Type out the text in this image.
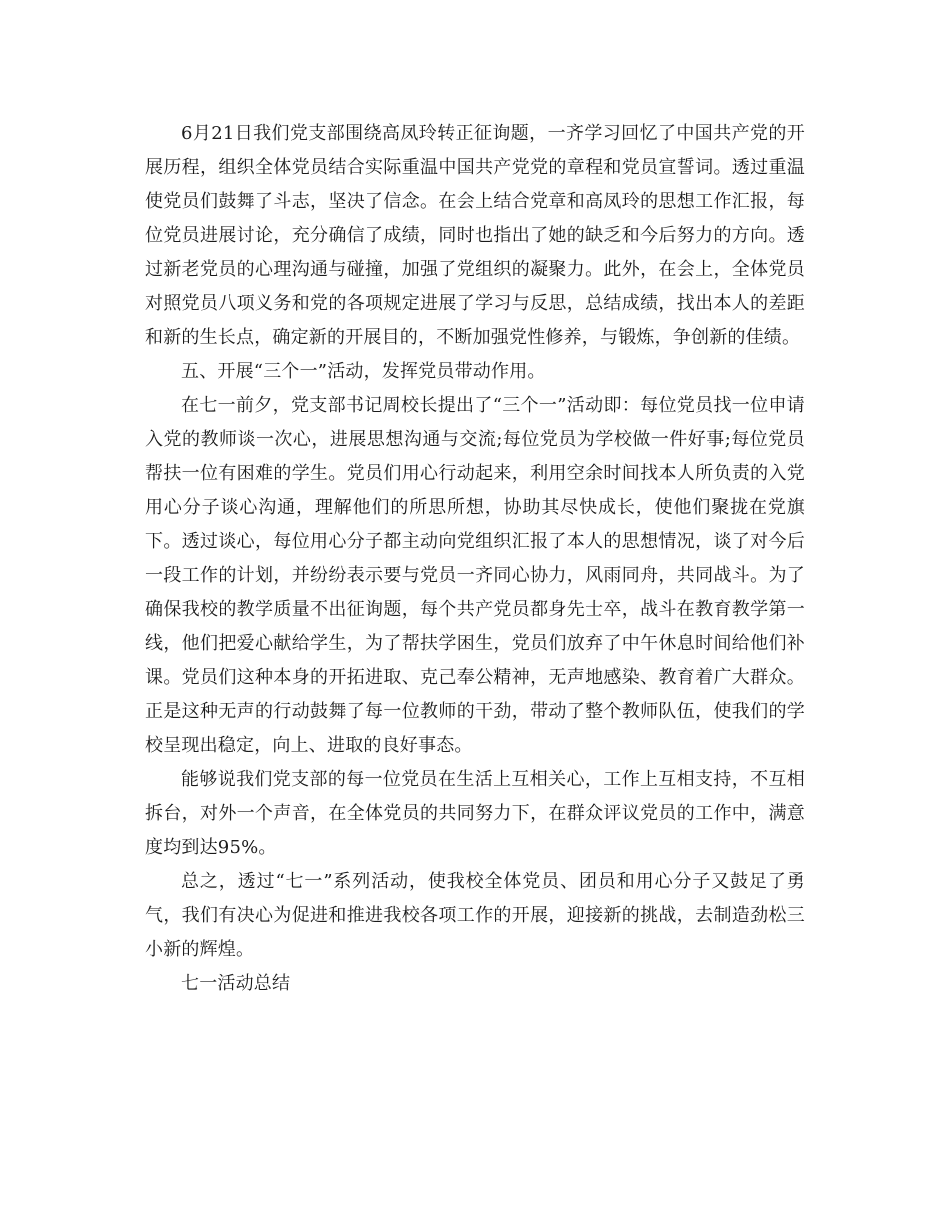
6月21日我们党支部围绕高凤玲转正征询题，一齐学习回忆了中国共产党的开展历程，组织全体党员结合实际重温中国共产党党的章程和党员宣誓词。透过重温使党员们鼓舞了斗志，坚决了信念。在会上结合党章和高凤玲的思想工作汇报，每位党员进展讨论，充分确信了成绩，同时也指出了她的缺乏和今后努力的方向。透过新老党员的心理沟通与碰撞，加强了党组织的凝聚力。此外，在会上，全体党员对照党员八项义务和党的各项规定进展了学习与反思，总结成绩，找出本人的差距和新的生长点，确定新的开展目的，不断加强党性修养，与锻炼，争创新的佳绩。

五、开展“三个一”活动，发挥党员带动作用。

在七一前夕，党支部书记周校长提出了“三个一”活动即：每位党员找一位申请入党的教师谈一次心，进展思想沟通与交流;每位党员为学校做一件好事;每位党员帮扶一位有困难的学生。党员们用心行动起来，利用空余时间找本人所负责的入党用心分子谈心沟通，理解他们的所思所想，协助其尽快成长，使他们聚拢在党旗下。透过谈心，每位用心分子都主动向党组织汇报了本人的思想情况，谈了对今后一段工作的计划，并纷纷表示要与党员一齐同心协力，风雨同舟，共同战斗。为了确保我校的教学质量不出征询题，每个共产党员都身先士卒，战斗在教育教学第一线，他们把爱心献给学生，为了帮扶学困生，党员们放弃了中午休息时间给他们补课。党员们这种本身的开拓进取、克己奉公精神，无声地感染、教育着广大群众。正是这种无声的行动鼓舞了每一位教师的干劲，带动了整个教师队伍，使我们的学校呈现出稳定，向上、进取的良好事态。

能够说我们党支部的每一位党员在生活上互相关心，工作上互相支持，不互相拆台，对外一个声音，在全体党员的共同努力下，在群众评议党员的工作中，满意度均到达95%。

总之，透过“七一”系列活动，使我校全体党员、团员和用心分子又鼓足了勇气，我们有决心为促进和推进我校各项工作的开展，迎接新的挑战，去制造劲松三小新的辉煌。

七一活动总结
